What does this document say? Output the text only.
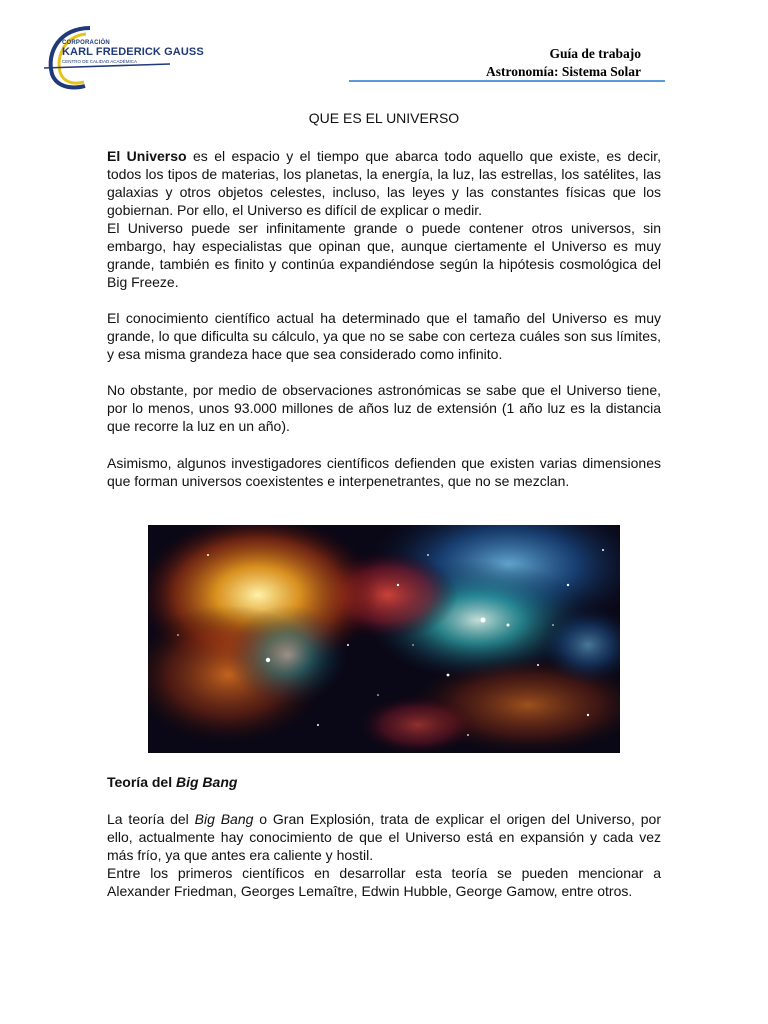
CORPORACIÓN
KARL FREDERICK GAUSS
CENTRO DE CALIDAD ACADÉMICA
Guía de trabajo
Astronomía: Sistema Solar
QUE ES EL UNIVERSO

El Universo es el espacio y el tiempo que abarca todo aquello que existe, es decir, todos los tipos de materias, los planetas, la energía, la luz, las estrellas, los satélites, las galaxias y otros objetos celestes, incluso, las leyes y las constantes físicas que los gobiernan. Por ello, el Universo es difícil de explicar o medir.

El Universo puede ser infinitamente grande o puede contener otros universos, sin embargo, hay especialistas que opinan que, aunque ciertamente el Universo es muy grande, también es finito y continúa expandiéndose según la hipótesis cosmológica del Big Freeze.

El conocimiento científico actual ha determinado que el tamaño del Universo es muy grande, lo que dificulta su cálculo, ya que no se sabe con certeza cuáles son sus límites, y esa misma grandeza hace que sea considerado como infinito.
No obstante, por medio de observaciones astronómicas se sabe que el Universo tiene, por lo menos, unos 93.000 millones de años luz de extensión (1 año luz es la distancia que recorre la luz en un año).
Asimismo, algunos investigadores científicos defienden que existen varias dimensiones que forman universos coexistentes e interpenetrantes, que no se mezclan.
Teoría del Big Bang

La teoría del Big Bang o Gran Explosión, trata de explicar el origen del Universo, por ello, actualmente hay conocimiento de que el Universo está en expansión y cada vez más frío, ya que antes era caliente y hostil.

Entre los primeros científicos en desarrollar esta teoría se pueden mencionar a Alexander Friedman, Georges Lemaître, Edwin Hubble, George Gamow, entre otros.
